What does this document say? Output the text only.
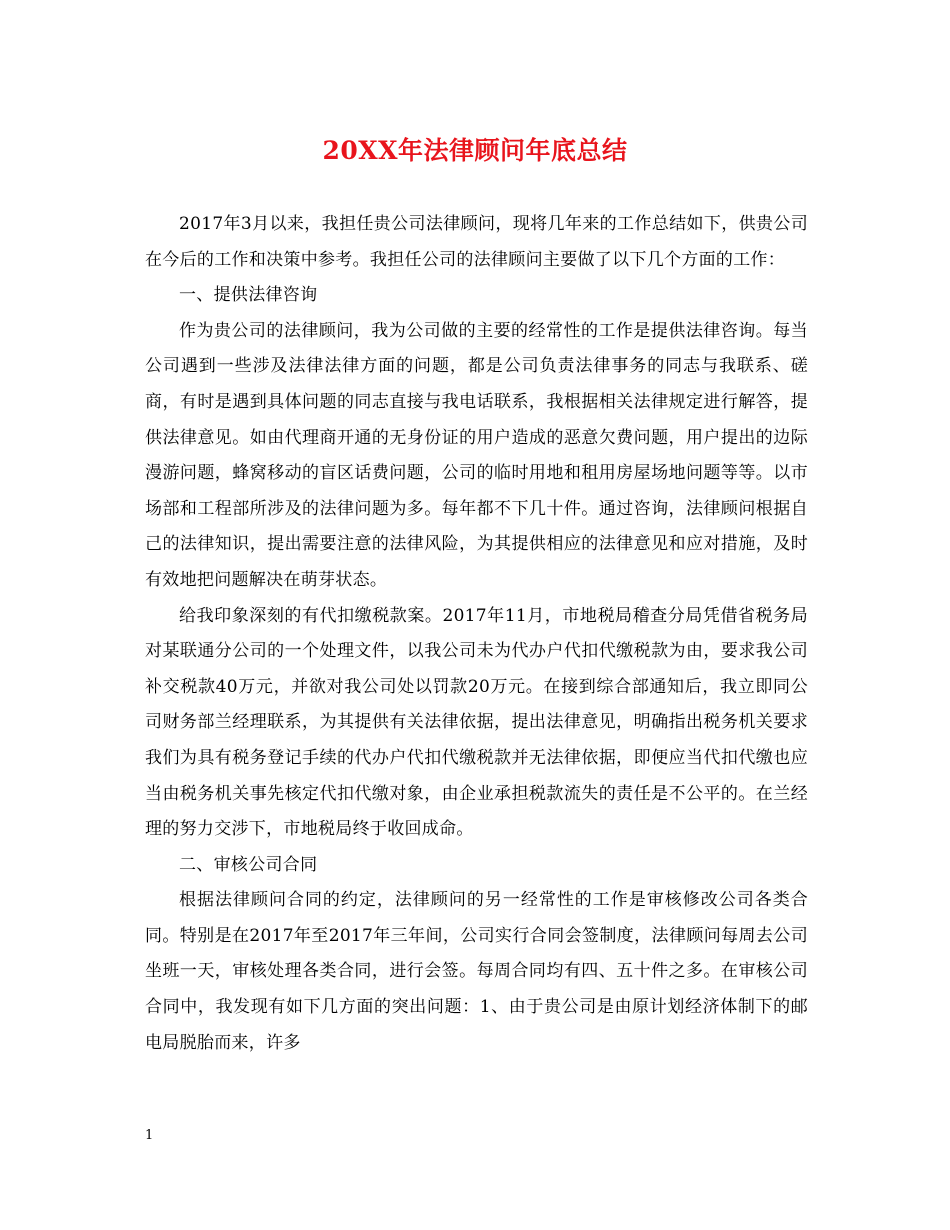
20XX年法律顾问年底总结

2017年3月以来，我担任贵公司法律顾问，现将几年来的工作总结如下，供贵公司在今后的工作和决策中参考。我担任公司的法律顾问主要做了以下几个方面的工作：

一、提供法律咨询

作为贵公司的法律顾问，我为公司做的主要的经常性的工作是提供法律咨询。每当公司遇到一些涉及法律法律方面的问题，都是公司负责法律事务的同志与我联系、磋商，有时是遇到具体问题的同志直接与我电话联系，我根据相关法律规定进行解答，提供法律意见。如由代理商开通的无身份证的用户造成的恶意欠费问题，用户提出的边际漫游问题，蜂窝移动的盲区话费问题，公司的临时用地和租用房屋场地问题等等。以市场部和工程部所涉及的法律问题为多。每年都不下几十件。通过咨询，法律顾问根据自己的法律知识，提出需要注意的法律风险，为其提供相应的法律意见和应对措施，及时有效地把问题解决在萌芽状态。

给我印象深刻的有代扣缴税款案。2017年11月，市地税局稽查分局凭借省税务局对某联通分公司的一个处理文件，以我公司未为代办户代扣代缴税款为由，要求我公司补交税款40万元，并欲对我公司处以罚款20万元。在接到综合部通知后，我立即同公司财务部兰经理联系，为其提供有关法律依据，提出法律意见，明确指出税务机关要求我们为具有税务登记手续的代办户代扣代缴税款并无法律依据，即便应当代扣代缴也应当由税务机关事先核定代扣代缴对象，由企业承担税款流失的责任是不公平的。在兰经理的努力交涉下，市地税局终于收回成命。

二、审核公司合同

根据法律顾问合同的约定，法律顾问的另一经常性的工作是审核修改公司各类合同。特别是在2017年至2017年三年间，公司实行合同会签制度，法律顾问每周去公司坐班一天，审核处理各类合同，进行会签。每周合同均有四、五十件之多。在审核公司合同中，我发现有如下几方面的突出问题：1、由于贵公司是由原计划经济体制下的邮电局脱胎而来，许多

1
